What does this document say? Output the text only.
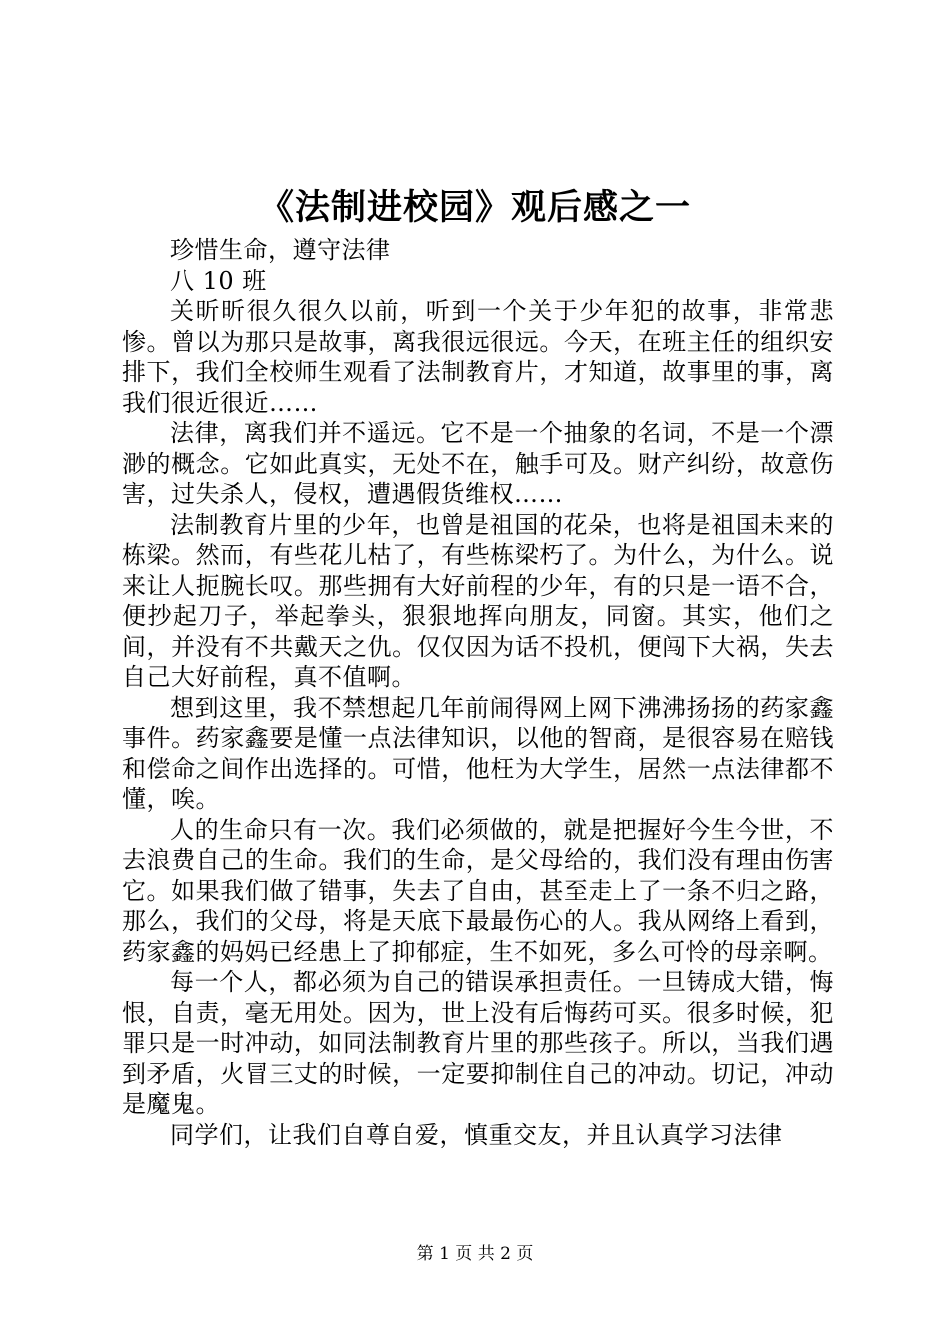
《法制进校园》观后感之一

珍惜生命，遵守法律

八 10 班

关昕昕很久很久以前，听到一个关于少年犯的故事，非常悲惨。曾以为那只是故事，离我很远很远。今天，在班主任的组织安排下，我们全校师生观看了法制教育片，才知道，故事里的事，离我们很近很近……

法律，离我们并不遥远。它不是一个抽象的名词，不是一个漂渺的概念。它如此真实，无处不在，触手可及。财产纠纷，故意伤害，过失杀人，侵权，遭遇假货维权……

法制教育片里的少年，也曾是祖国的花朵，也将是祖国未来的栋梁。然而，有些花儿枯了，有些栋梁朽了。为什么，为什么。说来让人扼腕长叹。那些拥有大好前程的少年，有的只是一语不合，便抄起刀子，举起拳头，狠狠地挥向朋友，同窗。其实，他们之间，并没有不共戴天之仇。仅仅因为话不投机，便闯下大祸，失去自己大好前程，真不值啊。

想到这里，我不禁想起几年前闹得网上网下沸沸扬扬的药家鑫事件。药家鑫要是懂一点法律知识，以他的智商，是很容易在赔钱和偿命之间作出选择的。可惜，他枉为大学生，居然一点法律都不懂，唉。

人的生命只有一次。我们必须做的，就是把握好今生今世，不去浪费自己的生命。我们的生命，是父母给的，我们没有理由伤害它。如果我们做了错事，失去了自由，甚至走上了一条不归之路，那么，我们的父母，将是天底下最最伤心的人。我从网络上看到，药家鑫的妈妈已经患上了抑郁症，生不如死，多么可怜的母亲啊。

每一个人，都必须为自己的错误承担责任。一旦铸成大错，悔恨，自责，毫无用处。因为，世上没有后悔药可买。很多时候，犯罪只是一时冲动，如同法制教育片里的那些孩子。所以，当我们遇到矛盾，火冒三丈的时候，一定要抑制住自己的冲动。切记，冲动是魔鬼。

同学们，让我们自尊自爱，慎重交友，并且认真学习法律

第 1 页 共 2 页
